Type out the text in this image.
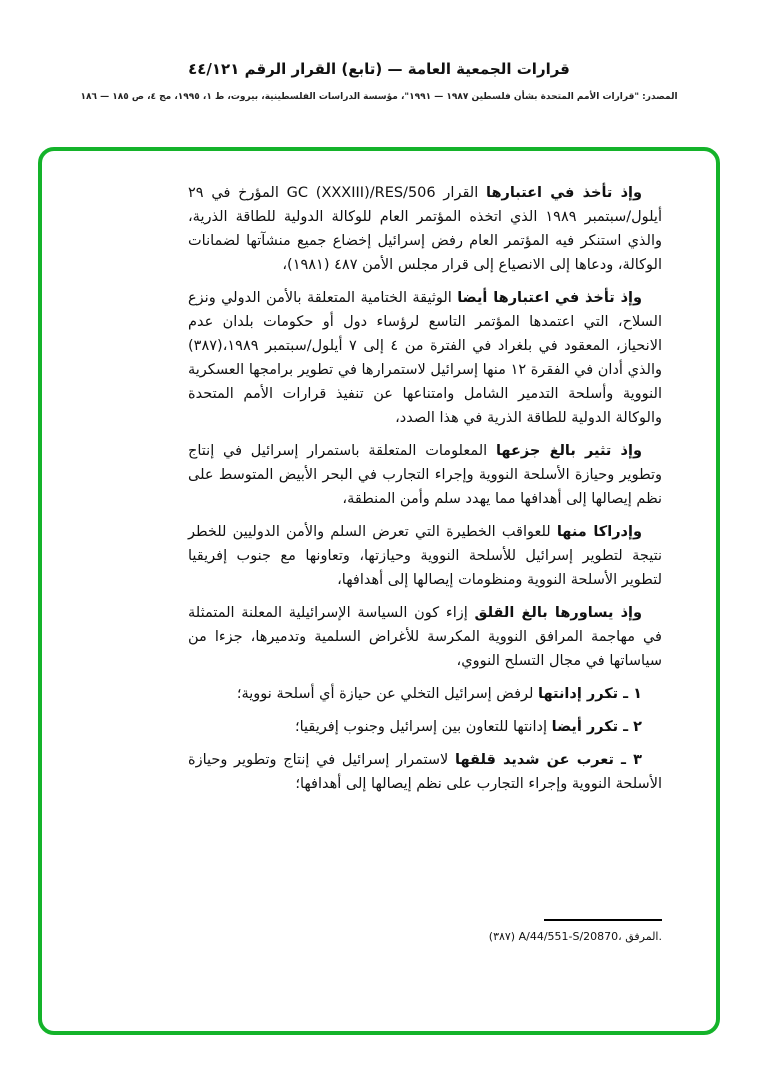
قرارات الجمعية العامة — (تابع) القرار الرقم ٤٤/١٢١
المصدر: "قرارات الأمم المتحدة بشأن فلسطين ١٩٨٧ — ١٩٩١"، مؤسسة الدراسات الفلسطينية، بيروت، ط ١، ١٩٩٥، مج ٤، ص ١٨٥ — ١٨٦

وإذ تأخذ في اعتبارها القرار GC (XXXIII)/RES/506 المؤرخ في ٢٩ أيلول/سبتمبر ١٩٨٩ الذي اتخذه المؤتمر العام للوكالة الدولية للطاقة الذرية، والذي استنكر فيه المؤتمر العام رفض إسرائيل إخضاع جميع منشآتها لضمانات الوكالة، ودعاها إلى الانصياع إلى قرار مجلس الأمن ٤٨٧ (١٩٨١)،

وإذ تأخذ في اعتبارها أيضا الوثيقة الختامية المتعلقة بالأمن الدولي ونزع السلاح، التي اعتمدها المؤتمر التاسع لرؤساء دول أو حكومات بلدان عدم الانحياز، المعقود في بلغراد في الفترة من ٤ إلى ٧ أيلول/سبتمبر ١٩٨٩،(٣٨٧) والذي أدان في الفقرة ١٢ منها إسرائيل لاستمرارها في تطوير برامجها العسكرية النووية وأسلحة التدمير الشامل وامتناعها عن تنفيذ قرارات الأمم المتحدة والوكالة الدولية للطاقة الذرية في هذا الصدد،

وإذ تثير بالغ جزعها المعلومات المتعلقة باستمرار إسرائيل في إنتاج وتطوير وحيازة الأسلحة النووية وإجراء التجارب في البحر الأبيض المتوسط على نظم إيصالها إلى أهدافها مما يهدد سلم وأمن المنطقة،

وإدراكا منها للعواقب الخطيرة التي تعرض السلم والأمن الدوليين للخطر نتيجة لتطوير إسرائيل للأسلحة النووية وحيازتها، وتعاونها مع جنوب إفريقيا لتطوير الأسلحة النووية ومنظومات إيصالها إلى أهدافها،

وإذ يساورها بالغ القلق إزاء كون السياسة الإسرائيلية المعلنة المتمثلة في مهاجمة المرافق النووية المكرسة للأغراض السلمية وتدميرها، جزءا من سياساتها في مجال التسلح النووي،

١ ـ تكرر إدانتها لرفض إسرائيل التخلي عن حيازة أي أسلحة نووية؛

٢ ـ تكرر أيضا إدانتها للتعاون بين إسرائيل وجنوب إفريقيا؛

٣ ـ تعرب عن شديد قلقها لاستمرار إسرائيل في إنتاج وتطوير وحيازة الأسلحة النووية وإجراء التجارب على نظم إيصالها إلى أهدافها؛

(٣٨٧) A/44/551-S/20870، المرفق.
